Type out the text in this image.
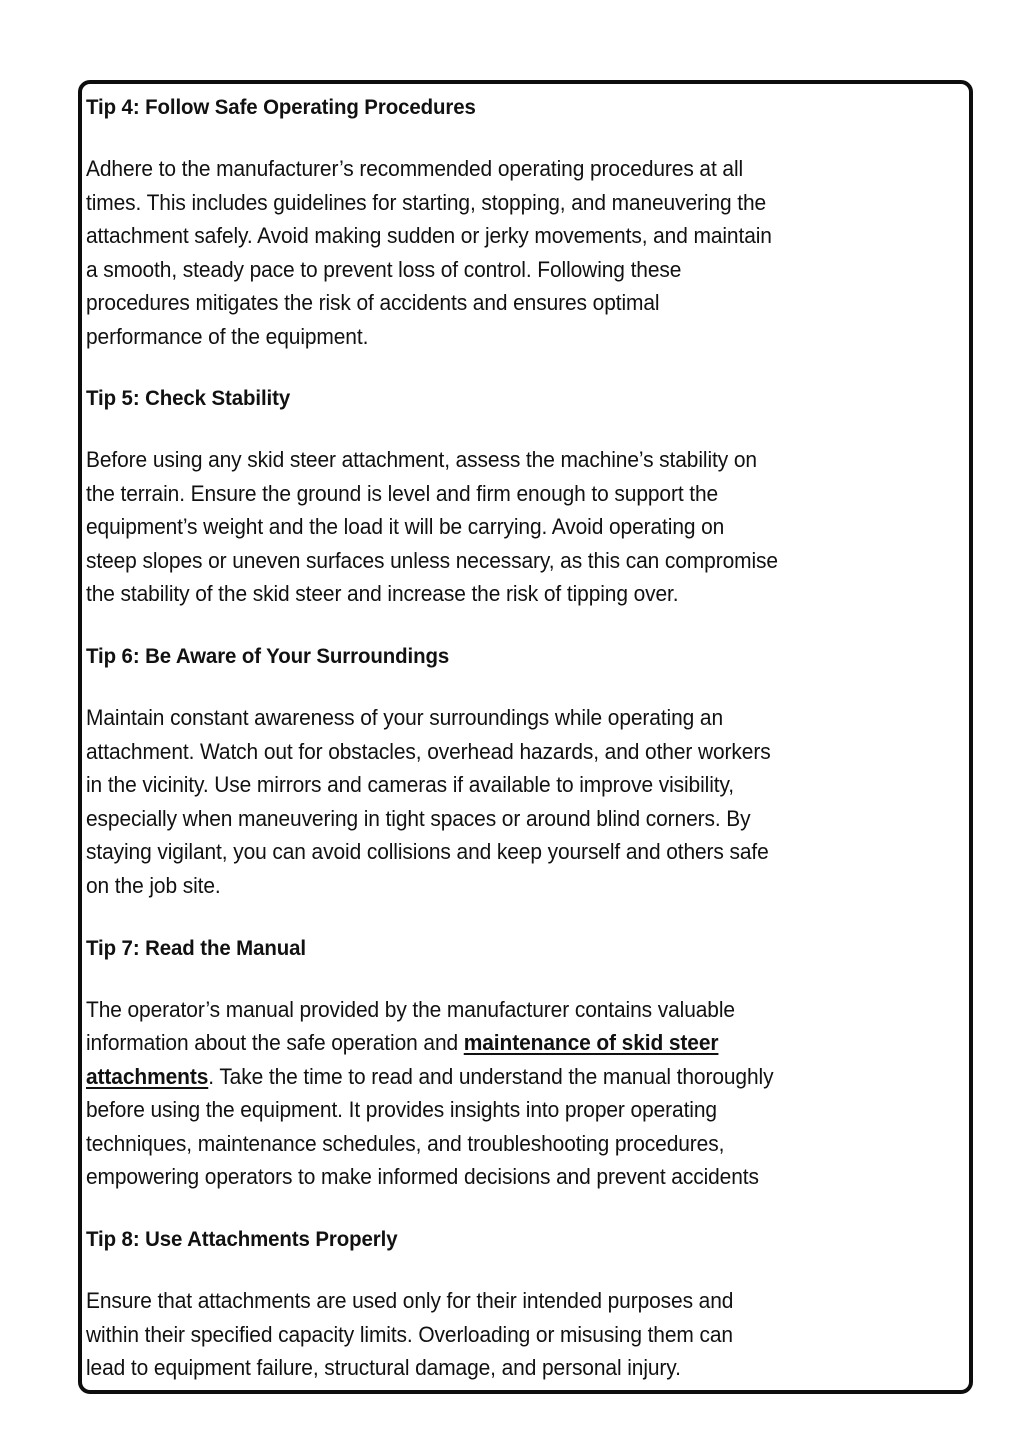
Tip 4: Follow Safe Operating Procedures
Adhere to the manufacturer’s recommended operating procedures at all
times. This includes guidelines for starting, stopping, and maneuvering the
attachment safely. Avoid making sudden or jerky movements, and maintain
a smooth, steady pace to prevent loss of control. Following these
procedures mitigates the risk of accidents and ensures optimal
performance of the equipment.
Tip 5: Check Stability
Before using any skid steer attachment, assess the machine’s stability on
the terrain. Ensure the ground is level and firm enough to support the
equipment’s weight and the load it will be carrying. Avoid operating on
steep slopes or uneven surfaces unless necessary, as this can compromise
the stability of the skid steer and increase the risk of tipping over.
Tip 6: Be Aware of Your Surroundings
Maintain constant awareness of your surroundings while operating an
attachment. Watch out for obstacles, overhead hazards, and other workers
in the vicinity. Use mirrors and cameras if available to improve visibility,
especially when maneuvering in tight spaces or around blind corners. By
staying vigilant, you can avoid collisions and keep yourself and others safe
on the job site.
Tip 7: Read the Manual
The operator’s manual provided by the manufacturer contains valuable
information about the safe operation and maintenance of skid steer
attachments. Take the time to read and understand the manual thoroughly
before using the equipment. It provides insights into proper operating
techniques, maintenance schedules, and troubleshooting procedures,
empowering operators to make informed decisions and prevent accidents
Tip 8: Use Attachments Properly
Ensure that attachments are used only for their intended purposes and
within their specified capacity limits. Overloading or misusing them can
lead to equipment failure, structural damage, and personal injury.
